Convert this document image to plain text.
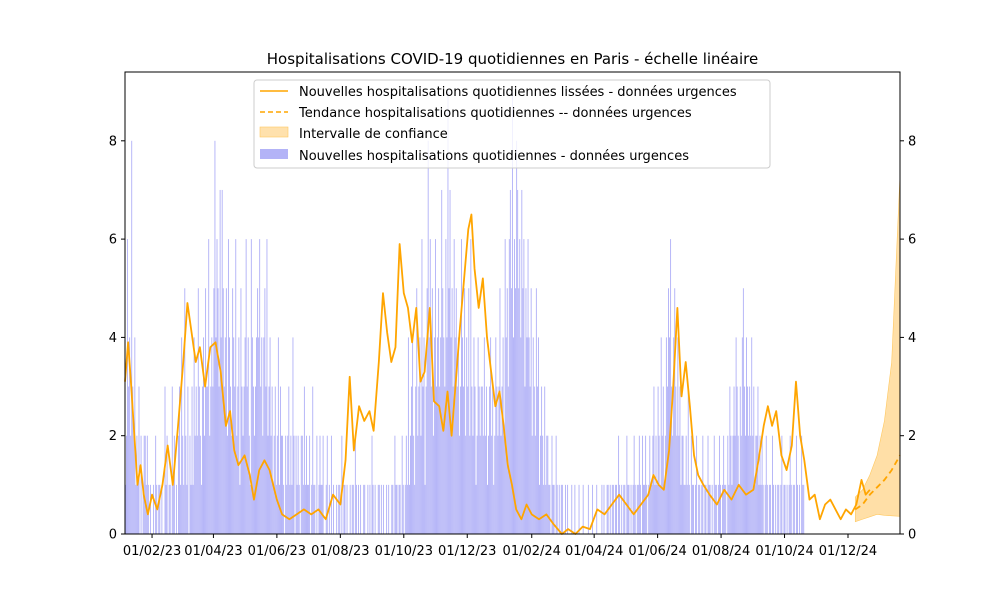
Hospitalisations COVID-19 quotidiennes en Paris - échelle linéaire
0
2
4
6
8
0
2
4
6
8
01/02/23 01/04/23 01/06/23 01/08/23 01/10/23 01/12/23 01/02/24 01/04/24 01/06/24 01/08/24 01/10/24 01/12/24
Nouvelles hospitalisations quotidiennes lissées - données urgences
Tendance hospitalisations quotidiennes -- données urgences
Intervalle de confiance
Nouvelles hospitalisations quotidiennes - données urgences
